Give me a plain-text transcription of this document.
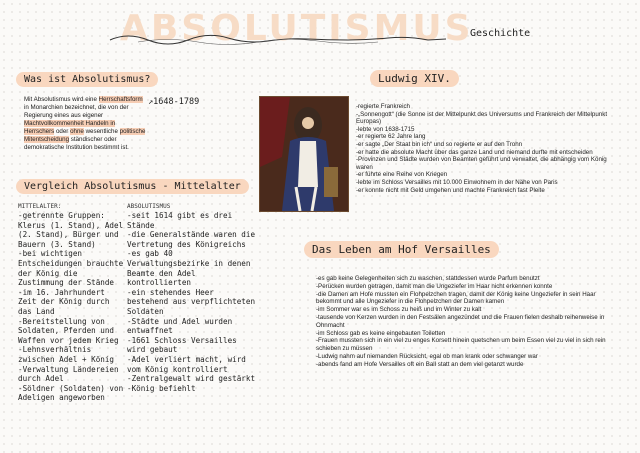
ABSOLUTISMUS
Geschichte
Was ist Absolutismus?
Mit Absolutismus wird eine Herrschaftsform in Monarchien bezeichnet, die von der Regierung eines aus eigener Machtvollkommenheit Handeln in Herrschers oder ohne wesentliche politische Mitentscheidung ständischer oder demokratische Institution bestimmt ist.
↗1648-1789
Vergleich Absolutismus - Mittelalter
MITTELALTER:
-getrennte Gruppen: Klerus (1. Stand), Adel (2. Stand), Bürger und Bauern (3. Stand)
-bei wichtigen Entscheidungen brauchte der König die Zustimmung der Stände
-im 16. Jahrhundert Zeit der König durch das Land
-Bereitstellung von Soldaten, Pferden und Waffen vor jedem Krieg
-Lehnsverhältnis zwischen Adel + König
-Verwaltung Ländereien durch Adel
-Söldner (Soldaten) von Adeligen angeworben
ABSOLUTISMUS
-seit 1614 gibt es drei Stände
-die Generalstände waren die Vertretung des Königreichs
-es gab 40 Verwaltungsbezirke in denen Beamte den Adel kontrollierten
-ein stehendes Heer bestehend aus verpflichteten Soldaten
-Städte und Adel wurden entwaffnet
-1661 Schloss Versailles wird gebaut
-Adel verliert macht, wird vom König kontrolliert
-Zentralgewalt wird gestärkt
-König befiehlt
Ludwig XIV.
-regierte Frankreich
-„Sonnengott“ (die Sonne ist der Mittelpunkt des Universums und Frankreich der Mittelpunkt Europas)
-lebte von 1638-1715
-er regierte 62 Jahre lang
-er sagte „Der Staat bin ich“ und so regierte er auf den Trohn
-er hatte die absolute Macht über das ganze Land und niemand durfte mit entscheiden
-Provinzen und Städte wurden von Beamten geführt und verwaltet, die abhängig vom König waren
-er führte eine Reihe von Kriegen
-lebte im Schloss Versailles mit 10.000 Einwohnern in der Nähe von Paris
-er konnte nicht mit Geld umgehen und machte Frankreich fast Pleite
Das Leben am Hof Versailles
-es gab keine Gelegenheiten sich zu waschen, stattdessen wurde Parfum benutzt
-Perücken wurden getragen, damit man die Ungeziefer im Haar nicht erkennen konnte
-die Damen am Hofe mussten ein Flohpelzchen tragen, damit der König keine Ungeziefer in sein Haar bekommt und alle Ungeziefer in die Flohpelzchen der Damen kamen
-im Sommer war es im Schoss zu heiß und im Winter zu kalt
-tausende von Kerzen wurden in den Festsälen angezündet und die Frauen fielen deshalb reihenweise in Ohnmacht
-im Schloss gab es keine eingebauten Toiletten
-Frauen mussten sich in ein viel zu enges Korsett hinein quetschen um beim Essen viel zu viel in sich rein schieben zu müssen
-Ludwig nahm auf niemanden Rücksicht, egal ob man krank oder schwanger war
-abends fand am Hofe Versailles oft ein Ball statt an dem viel getanzt wurde
